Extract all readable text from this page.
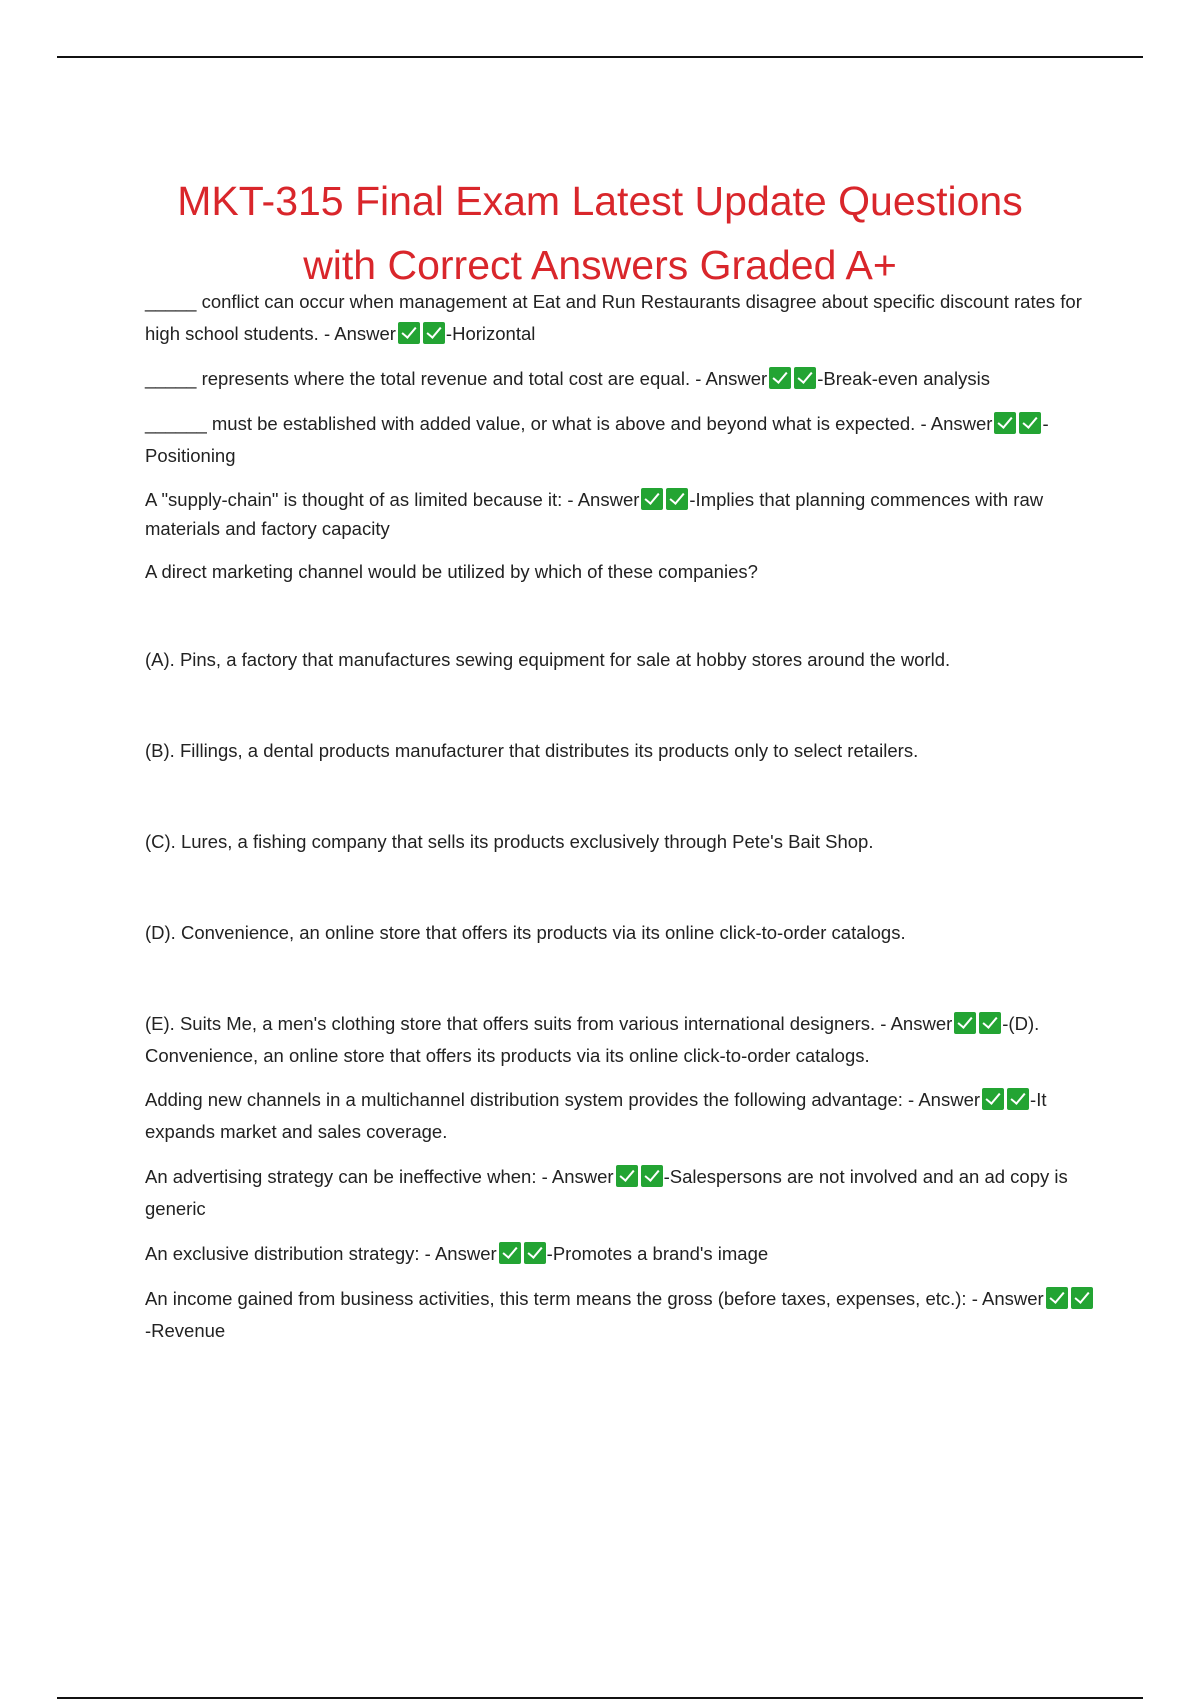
MKT-315 Final Exam Latest Update Questions
with Correct Answers Graded A+

_____ conflict can occur when management at Eat and Run Restaurants disagree about specific discount rates for high school students. - Answer	-Horizontal

_____ represents where the total revenue and total cost are equal. - Answer	-Break-even analysis

______ must be established with added value, or what is above and beyond what is expected. - Answer	-Positioning

A "supply-chain" is thought of as limited because it: - Answer	-Implies that planning commences with raw materials and factory capacity

A direct marketing channel would be utilized by which of these companies?

(A). Pins, a factory that manufactures sewing equipment for sale at hobby stores around the world.

(B). Fillings, a dental products manufacturer that distributes its products only to select retailers.

(C). Lures, a fishing company that sells its products exclusively through Pete's Bait Shop.

(D). Convenience, an online store that offers its products via its online click-to-order catalogs.

(E). Suits Me, a men's clothing store that offers suits from various international designers. - Answer	-(D). Convenience, an online store that offers its products via its online click-to-order catalogs.

Adding new channels in a multichannel distribution system provides the following advantage: - Answer	-It expands market and sales coverage.

An advertising strategy can be ineffective when: - Answer	-Salespersons are not involved and an ad copy is generic

An exclusive distribution strategy: - Answer	-Promotes a brand's image

An income gained from business activities, this term means the gross (before taxes, expenses, etc.): - Answer-Revenue
